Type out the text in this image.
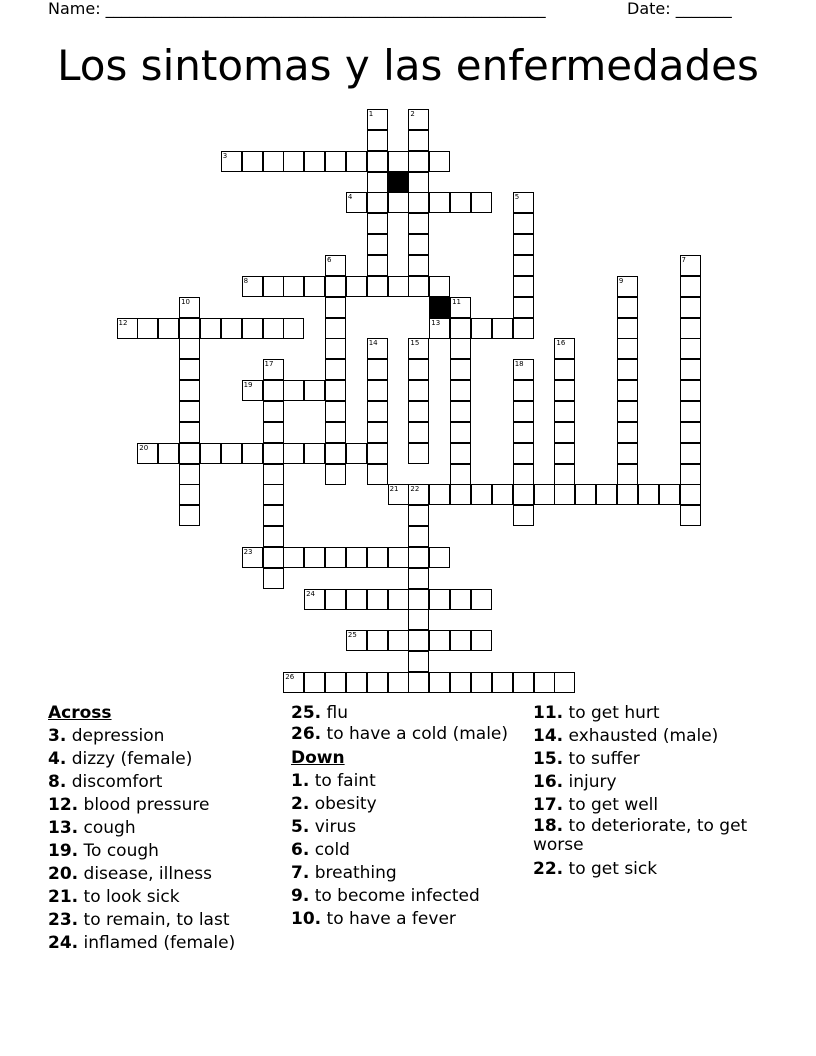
Name: _______________________________________________________	Date: _______
Los sintomas y las enfermedades
1	2
3
4	5
6	7
8	9
10	11
12	13
14	15	16
17	18
19
20
21 22
23
24
25
26
Across
3. depression
4. dizzy (female)
8. discomfort
12. blood pressure
13. cough
19. To cough
20. disease, illness
21. to look sick
23. to remain, to last
24. inflamed (female)
25. flu
26. to have a cold (male)
Down
1. to faint
2. obesity
5. virus
6. cold
7. breathing
9. to become infected
10. to have a fever
11. to get hurt
14. exhausted (male)
15. to suffer
16. injury
17. to get well
18. to deteriorate, to get worse
22. to get sick
